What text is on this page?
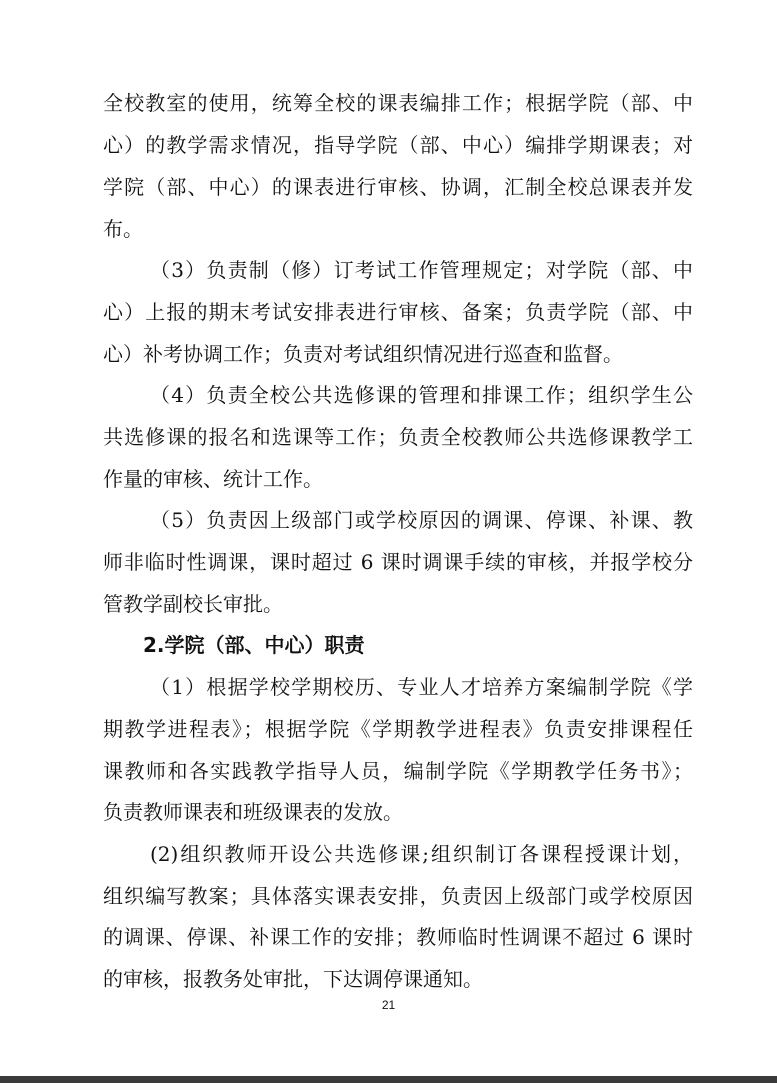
全校教室的使用，统筹全校的课表编排工作；根据学院（部、中
心）的教学需求情况，指导学院（部、中心）编排学期课表；对
学院（部、中心）的课表进行审核、协调，汇制全校总课表并发
布。
（3）负责制（修）订考试工作管理规定；对学院（部、中
心）上报的期末考试安排表进行审核、备案；负责学院（部、中
心）补考协调工作；负责对考试组织情况进行巡查和监督。
（4）负责全校公共选修课的管理和排课工作；组织学生公
共选修课的报名和选课等工作；负责全校教师公共选修课教学工
作量的审核、统计工作。
（5）负责因上级部门或学校原因的调课、停课、补课、教
师非临时性调课，课时超过 6 课时调课手续的审核，并报学校分
管教学副校长审批。
2.学院（部、中心）职责
（1）根据学校学期校历、专业人才培养方案编制学院《学
期教学进程表》；根据学院《学期教学进程表》负责安排课程任
课教师和各实践教学指导人员，编制学院《学期教学任务书》；
负责教师课表和班级课表的发放。
(2)组织教师开设公共选修课;组织制订各课程授课计划，
组织编写教案；具体落实课表安排，负责因上级部门或学校原因
的调课、停课、补课工作的安排；教师临时性调课不超过 6 课时
的审核，报教务处审批，下达调停课通知。
21
